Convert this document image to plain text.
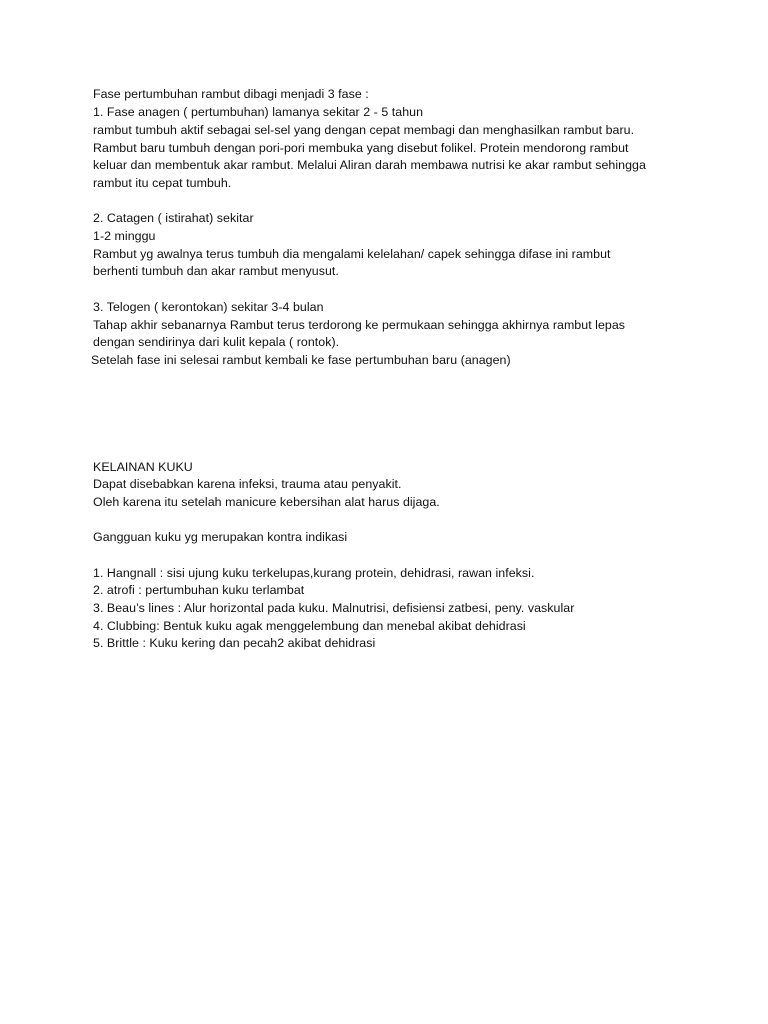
Fase pertumbuhan rambut dibagi menjadi 3 fase :
1. Fase anagen ( pertumbuhan) lamanya sekitar 2 - 5 tahun
rambut tumbuh aktif sebagai sel-sel yang dengan cepat membagi dan menghasilkan rambut baru.
Rambut baru tumbuh dengan pori-pori membuka yang disebut folikel. Protein mendorong rambut
keluar dan membentuk akar rambut. Melalui Aliran darah membawa nutrisi ke akar rambut sehingga
rambut itu cepat tumbuh.
2. Catagen ( istirahat) sekitar
1-2 minggu
Rambut yg awalnya terus tumbuh dia mengalami kelelahan/ capek sehingga difase ini rambut
berhenti tumbuh dan akar rambut menyusut.
3. Telogen ( kerontokan) sekitar 3-4 bulan
Tahap akhir sebanarnya Rambut terus terdorong ke permukaan sehingga akhirnya rambut lepas
dengan sendirinya dari kulit kepala ( rontok).
Setelah fase ini selesai rambut kembali ke fase pertumbuhan baru (anagen)
KELAINAN KUKU
Dapat disebabkan karena infeksi, trauma atau penyakit.
Oleh karena itu setelah manicure kebersihan alat harus dijaga.
Gangguan kuku yg merupakan kontra indikasi
1. Hangnall : sisi ujung kuku terkelupas,kurang protein, dehidrasi, rawan infeksi.
2. atrofi : pertumbuhan kuku terlambat
3. Beau’s lines : Alur horizontal pada kuku. Malnutrisi, defisiensi zatbesi, peny. vaskular
4. Clubbing: Bentuk kuku agak menggelembung dan menebal akibat dehidrasi
5. Brittle : Kuku kering dan pecah2 akibat dehidrasi
